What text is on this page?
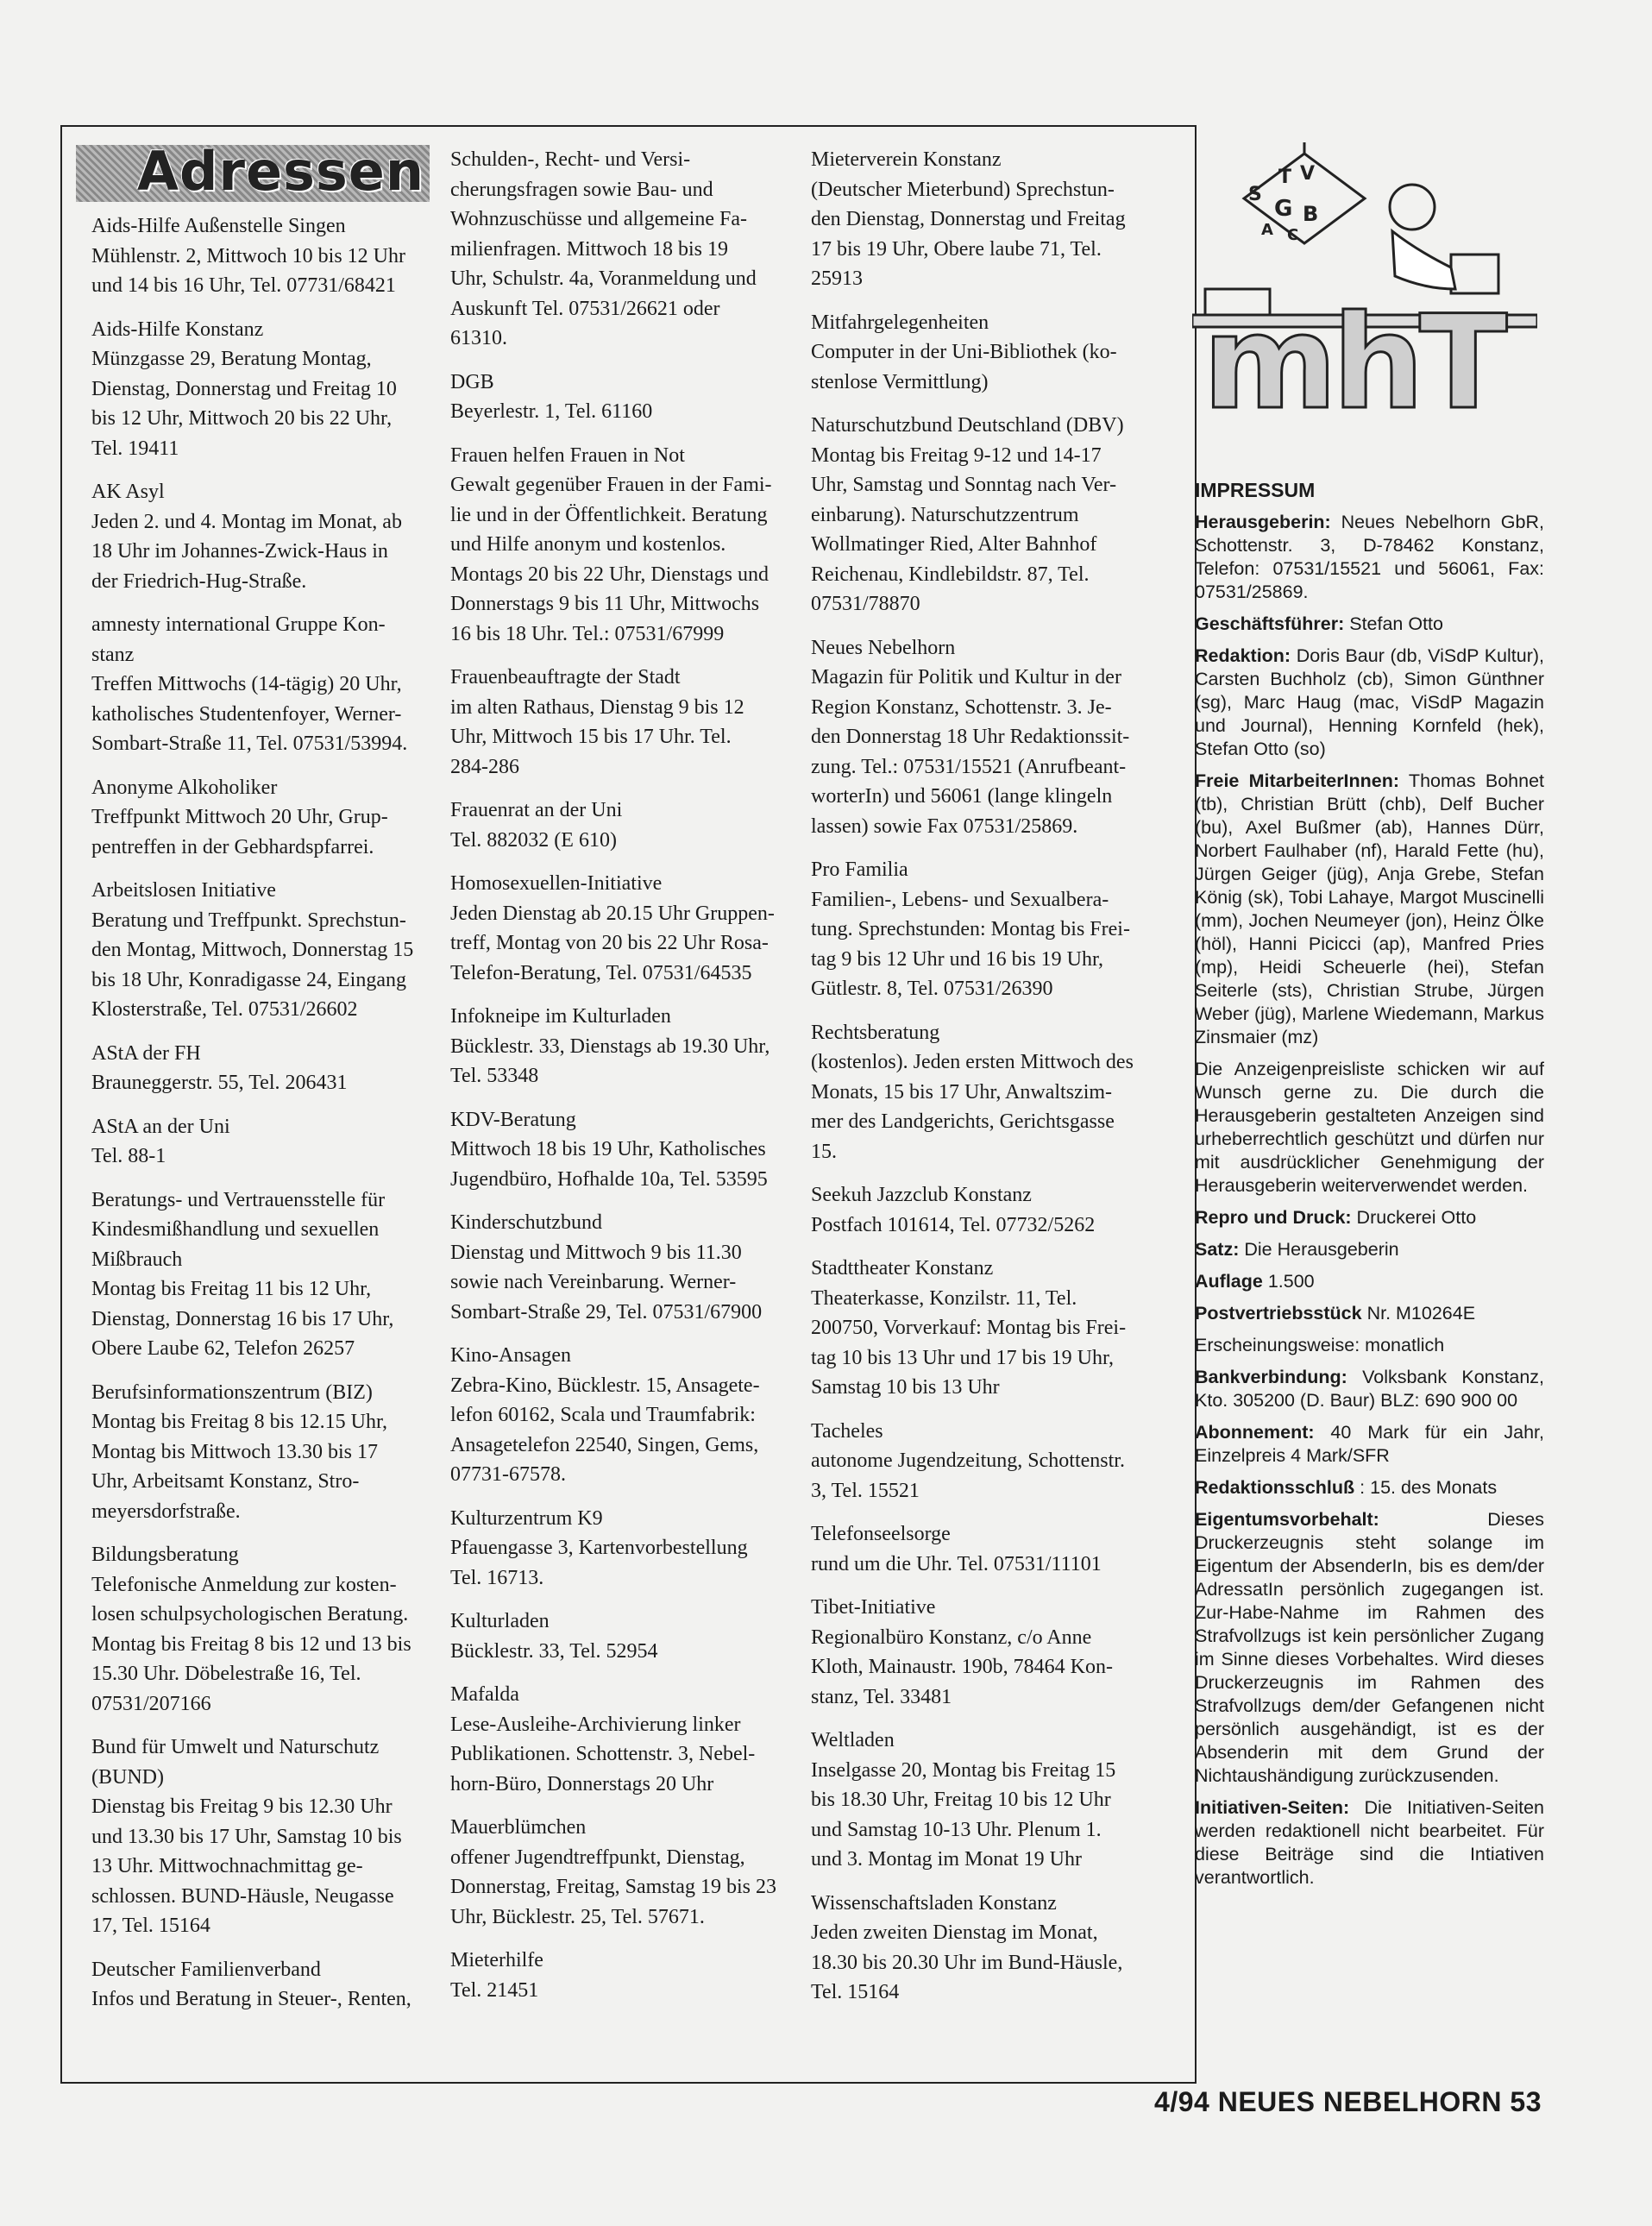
Adressen
Aids-Hilfe Außenstelle Singen
Mühlenstr. 2, Mittwoch 10 bis 12 Uhr
und 14 bis 16 Uhr, Tel. 07731/68421
Aids-Hilfe Konstanz
Münzgasse 29, Beratung Montag,
Dienstag, Donnerstag und Freitag 10
bis 12 Uhr, Mittwoch 20 bis 22 Uhr,
Tel. 19411
AK Asyl
Jeden 2. und 4. Montag im Monat, ab
18 Uhr im Johannes-Zwick-Haus in
der Friedrich-Hug-Straße.
amnesty international Gruppe Kon-
stanz
Treffen Mittwochs (14-tägig) 20 Uhr,
katholisches Studentenfoyer, Werner-
Sombart-Straße 11, Tel. 07531/53994.
Anonyme Alkoholiker
Treffpunkt Mittwoch 20 Uhr, Grup-
pentreffen in der Gebhardspfarrei.
Arbeitslosen Initiative
Beratung und Treffpunkt. Sprechstun-
den Montag, Mittwoch, Donnerstag 15
bis 18 Uhr, Konradigasse 24, Eingang
Klosterstraße, Tel. 07531/26602
AStA der FH
Brauneggerstr. 55, Tel. 206431
AStA an der Uni
Tel. 88-1
Beratungs- und Vertrauensstelle für
Kindesmißhandlung und sexuellen
Mißbrauch
Montag bis Freitag 11 bis 12 Uhr,
Dienstag, Donnerstag 16 bis 17 Uhr,
Obere Laube 62, Telefon 26257
Berufsinformationszentrum (BIZ)
Montag bis Freitag 8 bis 12.15 Uhr,
Montag bis Mittwoch 13.30 bis 17
Uhr, Arbeitsamt Konstanz, Stro-
meyersdorfstraße.
Bildungsberatung
Telefonische Anmeldung zur kosten-
losen schulpsychologischen Beratung.
Montag bis Freitag 8 bis 12 und 13 bis
15.30 Uhr. Döbelestraße 16, Tel.
07531/207166
Bund für Umwelt und Naturschutz
(BUND)
Dienstag bis Freitag 9 bis 12.30 Uhr
und 13.30 bis 17 Uhr, Samstag 10 bis
13 Uhr. Mittwochnachmittag ge-
schlossen. BUND-Häusle, Neugasse
17, Tel. 15164
Deutscher Familienverband
Infos und Beratung in Steuer-, Renten,
Schulden-, Recht- und Versi-
cherungsfragen sowie Bau- und
Wohnzuschüsse und allgemeine Fa-
milienfragen. Mittwoch 18 bis 19
Uhr, Schulstr. 4a, Voranmeldung und
Auskunft Tel. 07531/26621 oder
61310.
DGB
Beyerlestr. 1, Tel. 61160
Frauen helfen Frauen in Not
Gewalt gegenüber Frauen in der Fami-
lie und in der Öffentlichkeit. Beratung
und Hilfe anonym und kostenlos.
Montags 20 bis 22 Uhr, Dienstags und
Donnerstags 9 bis 11 Uhr, Mittwochs
16 bis 18 Uhr. Tel.: 07531/67999
Frauenbeauftragte der Stadt
im alten Rathaus, Dienstag 9 bis 12
Uhr, Mittwoch 15 bis 17 Uhr. Tel.
284-286
Frauenrat an der Uni
Tel. 882032 (E 610)
Homosexuellen-Initiative
Jeden Dienstag ab 20.15 Uhr Gruppen-
treff, Montag von 20 bis 22 Uhr Rosa-
Telefon-Beratung, Tel. 07531/64535
Infokneipe im Kulturladen
Bücklestr. 33, Dienstags ab 19.30 Uhr,
Tel. 53348
KDV-Beratung
Mittwoch 18 bis 19 Uhr, Katholisches
Jugendbüro, Hofhalde 10a, Tel. 53595
Kinderschutzbund
Dienstag und Mittwoch 9 bis 11.30
sowie nach Vereinbarung. Werner-
Sombart-Straße 29, Tel. 07531/67900
Kino-Ansagen
Zebra-Kino, Bücklestr. 15, Ansagete-
lefon 60162, Scala und Traumfabrik:
Ansagetelefon 22540, Singen, Gems,
07731-67578.
Kulturzentrum K9
Pfauengasse 3, Kartenvorbestellung
Tel. 16713.
Kulturladen
Bücklestr. 33, Tel. 52954
Mafalda
Lese-Ausleihe-Archivierung linker
Publikationen. Schottenstr. 3, Nebel-
horn-Büro, Donnerstags 20 Uhr
Mauerblümchen
offener Jugendtreffpunkt, Dienstag,
Donnerstag, Freitag, Samstag 19 bis 23
Uhr, Bücklestr. 25, Tel. 57671.
Mieterhilfe
Tel. 21451
Mieterverein Konstanz
(Deutscher Mieterbund) Sprechstun-
den Dienstag, Donnerstag und Freitag
17 bis 19 Uhr, Obere laube 71, Tel.
25913
Mitfahrgelegenheiten
Computer in der Uni-Bibliothek (ko-
stenlose Vermittlung)
Naturschutzbund Deutschland (DBV)
Montag bis Freitag 9-12 und 14-17
Uhr, Samstag und Sonntag nach Ver-
einbarung). Naturschutzzentrum
Wollmatinger Ried, Alter Bahnhof
Reichenau, Kindlebildstr. 87, Tel.
07531/78870
Neues Nebelhorn
Magazin für Politik und Kultur in der
Region Konstanz, Schottenstr. 3. Je-
den Donnerstag 18 Uhr Redaktionssit-
zung. Tel.: 07531/15521 (Anrufbeant-
worterIn) und 56061 (lange klingeln
lassen) sowie Fax 07531/25869.
Pro Familia
Familien-, Lebens- und Sexualbera-
tung. Sprechstunden: Montag bis Frei-
tag 9 bis 12 Uhr und 16 bis 19 Uhr,
Gütlestr. 8, Tel. 07531/26390
Rechtsberatung
(kostenlos). Jeden ersten Mittwoch des
Monats, 15 bis 17 Uhr, Anwaltszim-
mer des Landgerichts, Gerichtsgasse
15.
Seekuh Jazzclub Konstanz
Postfach 101614, Tel. 07732/5262
Stadttheater Konstanz
Theaterkasse, Konzilstr. 11, Tel.
200750, Vorverkauf: Montag bis Frei-
tag 10 bis 13 Uhr und 17 bis 19 Uhr,
Samstag 10 bis 13 Uhr
Tacheles
autonome Jugendzeitung, Schottenstr.
3, Tel. 15521
Telefonseelsorge
rund um die Uhr. Tel. 07531/11101
Tibet-Initiative
Regionalbüro Konstanz, c/o Anne
Kloth, Mainaustr. 190b, 78464 Kon-
stanz, Tel. 33481
Weltladen
Inselgasse 20, Montag bis Freitag 15
bis 18.30 Uhr, Freitag 10 bis 12 Uhr
und Samstag 10-13 Uhr. Plenum 1.
und 3. Montag im Monat 19 Uhr
Wissenschaftsladen Konstanz
Jeden zweiten Dienstag im Monat,
18.30 bis 20.30 Uhr im Bund-Häusle,
Tel. 15164
S
T V
G B
C
A
mhT
IMPRESSUM
Herausgeberin: Neues Nebelhorn GbR, Schottenstr. 3, D-78462 Konstanz, Telefon: 07531/15521 und 56061, Fax: 07531/25869.
Geschäftsführer: Stefan Otto
Redaktion: Doris Baur (db, ViSdP Kultur), Carsten Buchholz (cb), Simon Günthner (sg), Marc Haug (mac, ViSdP Magazin und Journal), Henning Kornfeld (hek), Stefan Otto (so)
Freie MitarbeiterInnen: Thomas Bohnet (tb), Christian Brütt (chb), Delf Bucher (bu), Axel Bußmer (ab), Hannes Dürr, Norbert Faulhaber (nf), Harald Fette (hu), Jürgen Geiger (jüg), Anja Grebe, Stefan König (sk), Tobi Lahaye, Margot Muscinelli (mm), Jochen Neumeyer (jon), Heinz Ölke (höl), Hanni Picicci (ap), Manfred Pries (mp), Heidi Scheuerle (hei), Stefan Seiterle (sts), Christian Strube, Jürgen Weber (jüg), Marlene Wiedemann, Markus Zinsmaier (mz)
Die Anzeigenpreisliste schicken wir auf Wunsch gerne zu. Die durch die Herausgeberin gestalteten Anzeigen sind urheberrechtlich geschützt und dürfen nur mit ausdrücklicher Genehmigung der Herausgeberin weiterverwendet werden.
Repro und Druck: Druckerei Otto
Satz: Die Herausgeberin
Auflage 1.500
Postvertriebsstück Nr. M10264E
Erscheinungsweise: monatlich
Bankverbindung: Volksbank Konstanz, Kto. 305200 (D. Baur) BLZ: 690 900 00
Abonnement: 40 Mark für ein Jahr, Einzelpreis 4 Mark/SFR
Redaktionsschluß : 15. des Monats
Eigentumsvorbehalt: Dieses Druckerzeugnis steht solange im Eigentum der AbsenderIn, bis es dem/der AdressatIn persönlich zugegangen ist. Zur-Habe-Nahme im Rahmen des Strafvollzugs ist kein persönlicher Zugang im Sinne dieses Vorbehaltes. Wird dieses Druckerzeugnis im Rahmen des Strafvollzugs dem/der Gefangenen nicht persönlich ausgehändigt, ist es der Absenderin mit dem Grund der Nichtaushändigung zurückzusenden.
Initiativen-Seiten: Die Initiativen-Seiten werden redaktionell nicht bearbeitet. Für diese Beiträge sind die Intiativen verantwortlich.
4/94 NEUES NEBELHORN 53
